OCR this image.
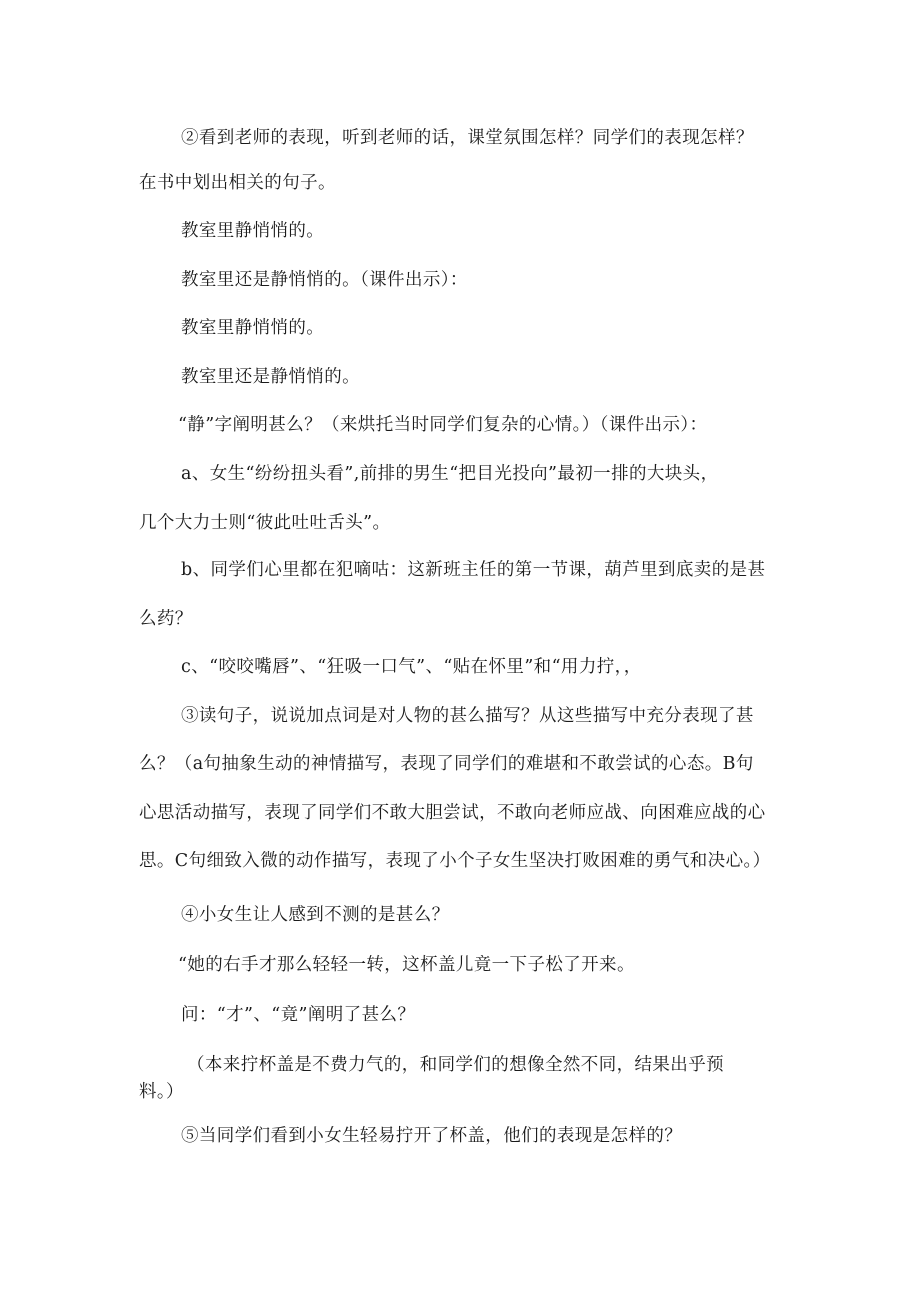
②看到老师的表现，听到老师的话，课堂氛围怎样？同学们的表现怎样？
在书中划出相关的句子。
教室里静悄悄的。
教室里还是静悄悄的。（课件出示）：
教室里静悄悄的。
教室里还是静悄悄的。
“静”字阐明甚么？（来烘托当时同学们复杂的心情。）（课件出示）：
a、女生“纷纷扭头看”,前排的男生“把目光投向”最初一排的大块头，
几个大力士则“彼此吐吐舌头”。
b、同学们心里都在犯嘀咕：这新班主任的第一节课，葫芦里到底卖的是甚
么药？
c、“咬咬嘴唇”、“狂吸一口气”、“贴在怀里”和“用力拧，，
③读句子，说说加点词是对人物的甚么描写？从这些描写中充分表现了甚
么？（a句抽象生动的神情描写，表现了同学们的难堪和不敢尝试的心态。B句
心思活动描写，表现了同学们不敢大胆尝试，不敢向老师应战、向困难应战的心
思。C句细致入微的动作描写，表现了小个子女生坚决打败困难的勇气和决心。）
④小女生让人感到不测的是甚么？
“她的右手才那么轻轻一转，这杯盖儿竟一下子松了开来。
问：“才”、“竟”阐明了甚么？
（本来拧杯盖是不费力气的，和同学们的想像全然不同，结果出乎预
料。）
⑤当同学们看到小女生轻易拧开了杯盖，他们的表现是怎样的？
